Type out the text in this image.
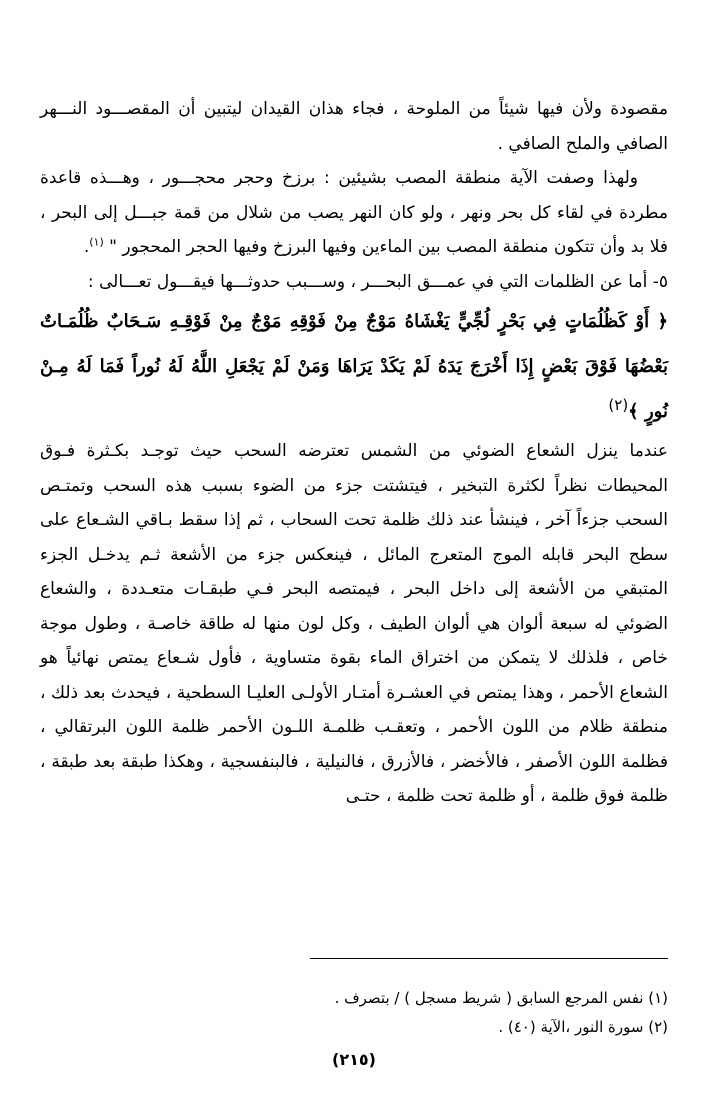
مقصودة ولأن فيها شيئاً من الملوحة ، فجاء هذان القيدان ليتبين أن المقصـــود النـــهر الصافي والملح الصافي .

ولهذا وصفت الآية منطقة المصب بشيئين : برزخ وحجر محجـــور ، وهـــذه قاعدة مطردة في لقاء كل بحر ونهر ، ولو كان النهر يصب من شلال من قمة جبـــل إلى البحر ، فلا بد وأن تتكون منطقة المصب بين الماءين وفيها البرزخ وفيها الحجر المحجور " $^{(١)}$.

٥- أما عن الظلمات التي في عمـــق البحـــر ، وســـبب حدوثـــها فيقـــول تعـــالى :

﴿ أَوْ كَظُلُمَاتٍ فِي بَحْرٍ لُجِّيٍّ يَغْشَاهُ مَوْجٌ مِنْ فَوْقِهِ مَوْجٌ مِنْ فَوْقِـهِ سَـحَابٌ ظُلُمَـاتٌ بَعْضُهَا فَوْقَ بَعْضٍ إِذَا أَخْرَجَ يَدَهُ لَمْ يَكَدْ يَرَاهَا وَمَنْ لَمْ يَجْعَلِ اللَّهُ لَهُ نُوراً فَمَا لَهُ مِـنْ نُورٍ ﴾$^{(٢)}$

عندما ينزل الشعاع الضوئي من الشمس تعترضه السحب حيث توجـد بكـثرة فـوق المحيطات نظراً لكثرة التبخير ، فيتشتت جزء من الضوء بسبب هذه السحب وتمتـص السحب جزءاً آخر ، فينشأ عند ذلك ظلمة تحت السحاب ، ثم إذا سقط بـاقي الشـعاع على سطح البحر قابله الموج المتعرج المائل ، فينعكس جزء من الأشعة ثـم يدخـل الجزء المتبقي من الأشعة إلى داخل البحر ، فيمتصه البحر فـي طبقـات متعـددة ، والشعاع الضوئي له سبعة ألوان هي ألوان الطيف ، وكل لون منها له طاقة خاصـة ، وطول موجة خاص ، فلذلك لا يتمكن من اختراق الماء بقوة متساوية ، فأول شـعاع يمتص نهائياً هو الشعاع الأحمر ، وهذا يمتص في العشـرة أمتـار الأولـى العليـا السطحية ، فيحدث بعد ذلك ، منطقة ظلام من اللون الأحمر ، وتعقـب ظلمـة اللـون الأحمر ظلمة اللون البرتقالي ، فظلمة اللون الأصفر ، فالأخضر ، فالأزرق ، فالنيلية ، فالبنفسجية ، وهكذا طبقة بعد طبقة ، ظلمة فوق ظلمة ، أو ظلمة تحت ظلمة ، حتـى

(١) نفس المرجع السابق ( شريط مسجل ) / بتصرف .

(٢) سورة النور ،الآية (٤٠) .

(٢١٥)
